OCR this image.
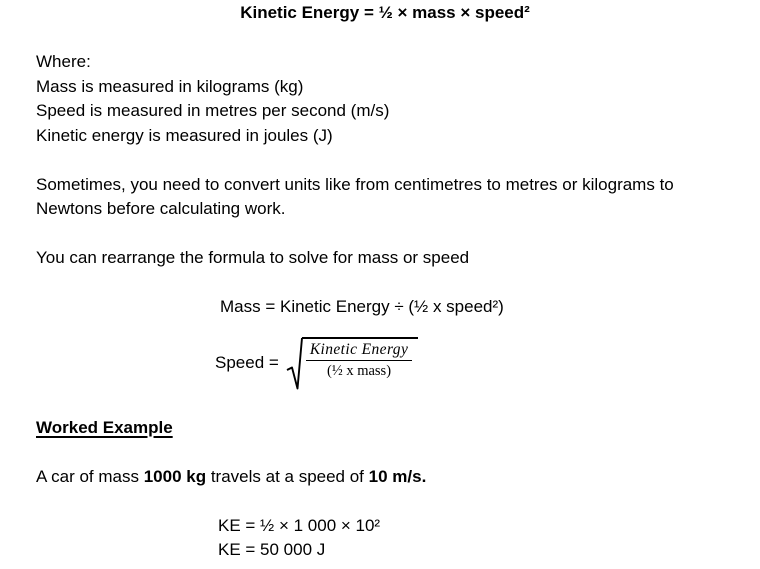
Kinetic Energy = ½ × mass × speed²

Where:

Mass is measured in kilograms (kg)

Speed is measured in metres per second (m/s)

Kinetic energy is measured in joules (J)

Sometimes, you need to convert units like from centimetres to metres or kilograms to

Newtons before calculating work.

You can rearrange the formula to solve for mass or speed

Mass = Kinetic Energy ÷ (½ x speed²)

Speed = $\frac{\text{Kinetic Energy}}{\text{(½ x mass)}}$

Worked Example

A car of mass 1000 kg travels at a speed of 10 m/s.

KE = ½ × 1 000 × 10²

KE = 50 000 J
